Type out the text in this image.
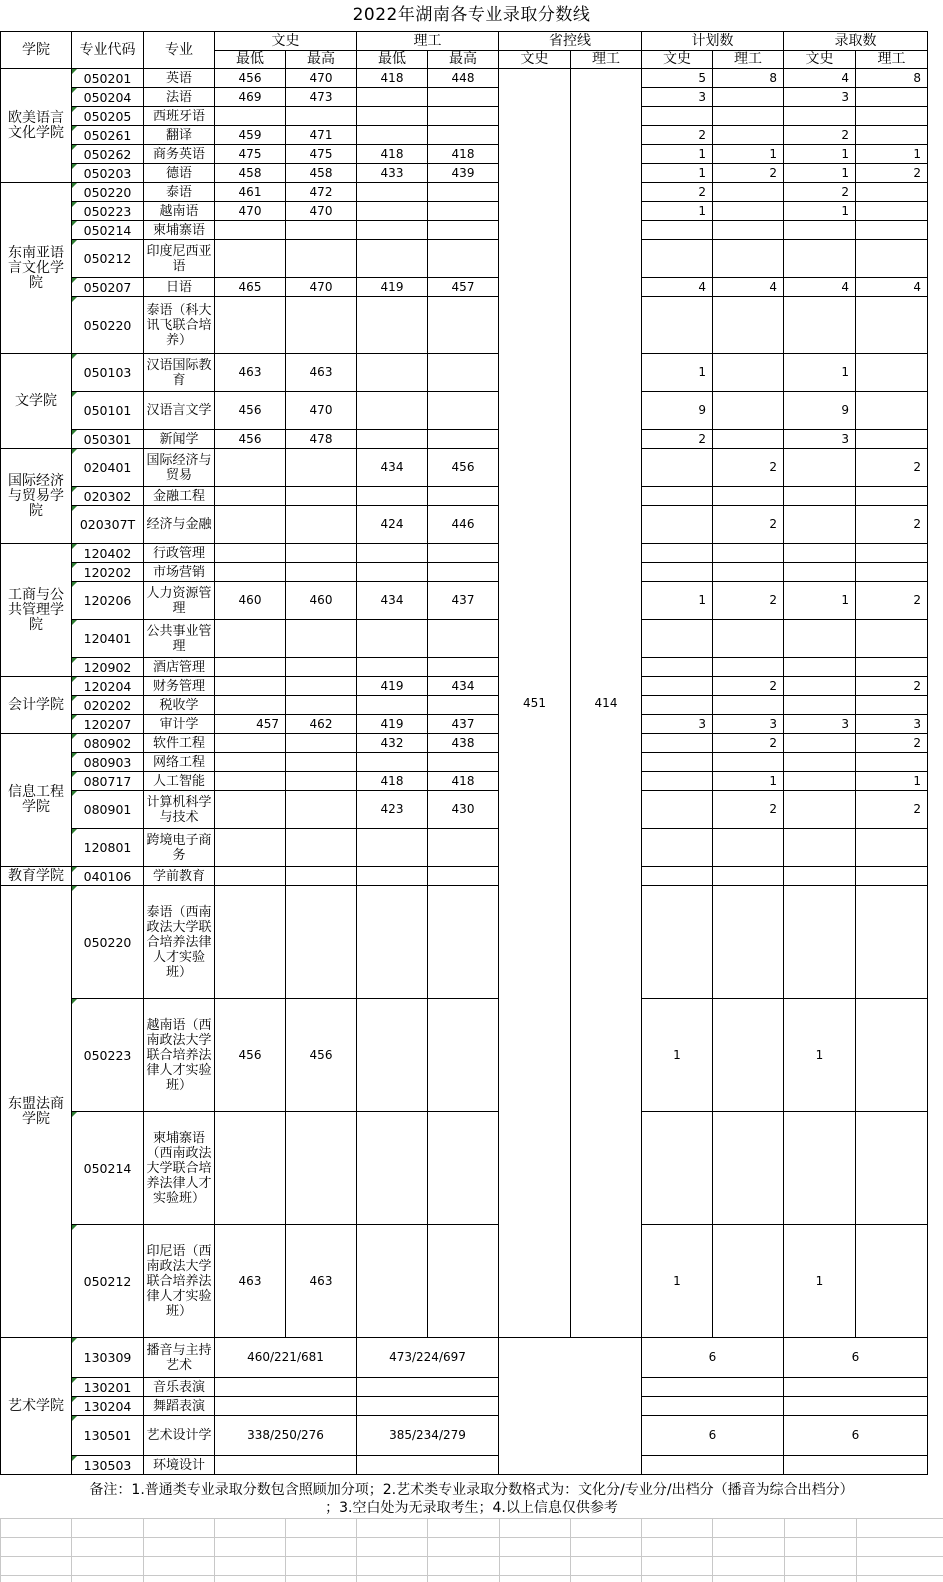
2022年湖南各专业录取分数线
学院	专业代码	专业	文史		理工		省控线		计划数		录取数	
			最低	最高	最低	最高	文史	理工	文史	理工	文史	理工
欧美语言文化学院	050201	英语	456	470	418	448	451	414	5	8	4	8
	050204	法语	469	473					3		3	
	050205	西班牙语										
	050261	翻译	459	471					2		2	
	050262	商务英语	475	475	418	418			1	1	1	1
	050203	德语	458	458	433	439			1	2	1	2
东南亚语言文化学院	050220	泰语	461	472					2		2	
	050223	越南语	470	470					1		1	
	050214	柬埔寨语										
	050212	印度尼西亚语										
	050207	日语	465	470	419	457			4	4	4	4
	050220	泰语（科大讯飞联合培养）										
文学院	050103	汉语国际教育	463	463					1		1	
	050101	汉语言文学	456	470					9		9	
	050301	新闻学	456	478					2		3	
国际经济与贸易学院	020401	国际经济与贸易			434	456				2		2
	020302	金融工程										
	020307T	经济与金融			424	446				2		2
工商与公共管理学院	120402	行政管理										
	120202	市场营销										
	120206	人力资源管理	460	460	434	437			1	2	1	2
	120401	公共事业管理										
	120902	酒店管理										
会计学院	120204	财务管理			419	434				2		2
	020202	税收学										
	120207	审计学	457	462	419	437			3	3	3	3
信息工程学院	080902	软件工程			432	438				2		2
	080903	网络工程										
	080717	人工智能			418	418				1		1
	080901	计算机科学与技术			423	430				2		2
	120801	跨境电子商务										
教育学院	040106	学前教育										
东盟法商学院	050220	泰语（西南政法大学联合培养法律人才实验班）										
	050223	越南语（西南政法大学联合培养法律人才实验班）	456	456					1		1	
	050214	柬埔寨语（西南政法大学联合培养法律人才实验班）										
	050212	印尼语（西南政法大学联合培养法律人才实验班）	463	463					1		1	
艺术学院	130309	播音与主持艺术	460/221/681		473/224/697				6		6	
	130201	音乐表演										
	130204	舞蹈表演										
	130501	艺术设计学	338/250/276		385/234/279				6		6	
	130503	环境设计										
备注：1.普通类专业录取分数包含照顾加分项；2.艺术类专业录取分数格式为：文化分/专业分/出档分（播音为综合出档分）
；3.空白处为无录取考生；4.以上信息仅供参考
